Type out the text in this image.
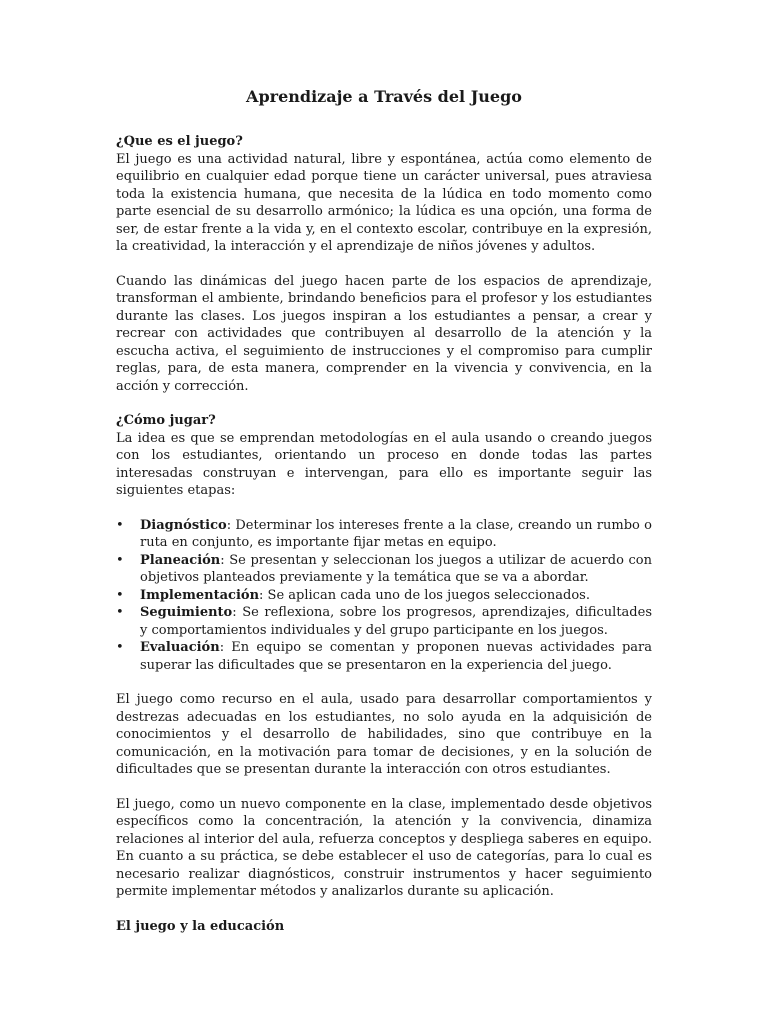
Aprendizaje a Través del Juego
¿Que es el juego?

El juego es una actividad natural, libre y espontánea, actúa como elemento de equilibrio en cualquier edad porque tiene un carácter universal, pues atraviesa toda la existencia humana, que necesita de la lúdica en todo momento como parte esencial de su desarrollo armónico; la lúdica es una opción, una forma de ser, de estar frente a la vida y, en el contexto escolar, contribuye en la expresión, la creatividad, la interacción y el aprendizaje de niños jóvenes y adultos.

Cuando las dinámicas del juego hacen parte de los espacios de aprendizaje, transforman el ambiente, brindando beneficios para el profesor y los estudiantes durante las clases. Los juegos inspiran a los estudiantes a pensar, a crear y recrear con actividades que contribuyen al desarrollo de la atención y la escucha activa, el seguimiento de instrucciones y el compromiso para cumplir reglas, para, de esta manera, comprender en la vivencia y convivencia, en la acción y corrección.

¿Cómo jugar?

La idea es que se emprendan metodologías en el aula usando o creando juegos con los estudiantes, orientando un proceso en donde todas las partes interesadas construyan e intervengan, para ello es importante seguir las siguientes etapas:

• Diagnóstico: Determinar los intereses frente a la clase, creando un rumbo o ruta en conjunto, es importante fijar metas en equipo.
• Planeación: Se presentan y seleccionan los juegos a utilizar de acuerdo con objetivos planteados previamente y la temática que se va a abordar.
• Implementación: Se aplican cada uno de los juegos seleccionados.
• Seguimiento: Se reflexiona, sobre los progresos, aprendizajes, dificultades y comportamientos individuales y del grupo participante en los juegos.
• Evaluación: En equipo se comentan y proponen nuevas actividades para superar las dificultades que se presentaron en la experiencia del juego.

El juego como recurso en el aula, usado para desarrollar comportamientos y destrezas adecuadas en los estudiantes, no solo ayuda en la adquisición de conocimientos y el desarrollo de habilidades, sino que contribuye en la comunicación, en la motivación para tomar de decisiones, y en la solución de dificultades que se presentan durante la interacción con otros estudiantes.

El juego, como un nuevo componente en la clase, implementado desde objetivos específicos como la concentración, la atención y la convivencia, dinamiza relaciones al interior del aula, refuerza conceptos y despliega saberes en equipo. En cuanto a su práctica, se debe establecer el uso de categorías, para lo cual es necesario realizar diagnósticos, construir instrumentos y hacer seguimiento permite implementar métodos y analizarlos durante su aplicación.

El juego y la educación
